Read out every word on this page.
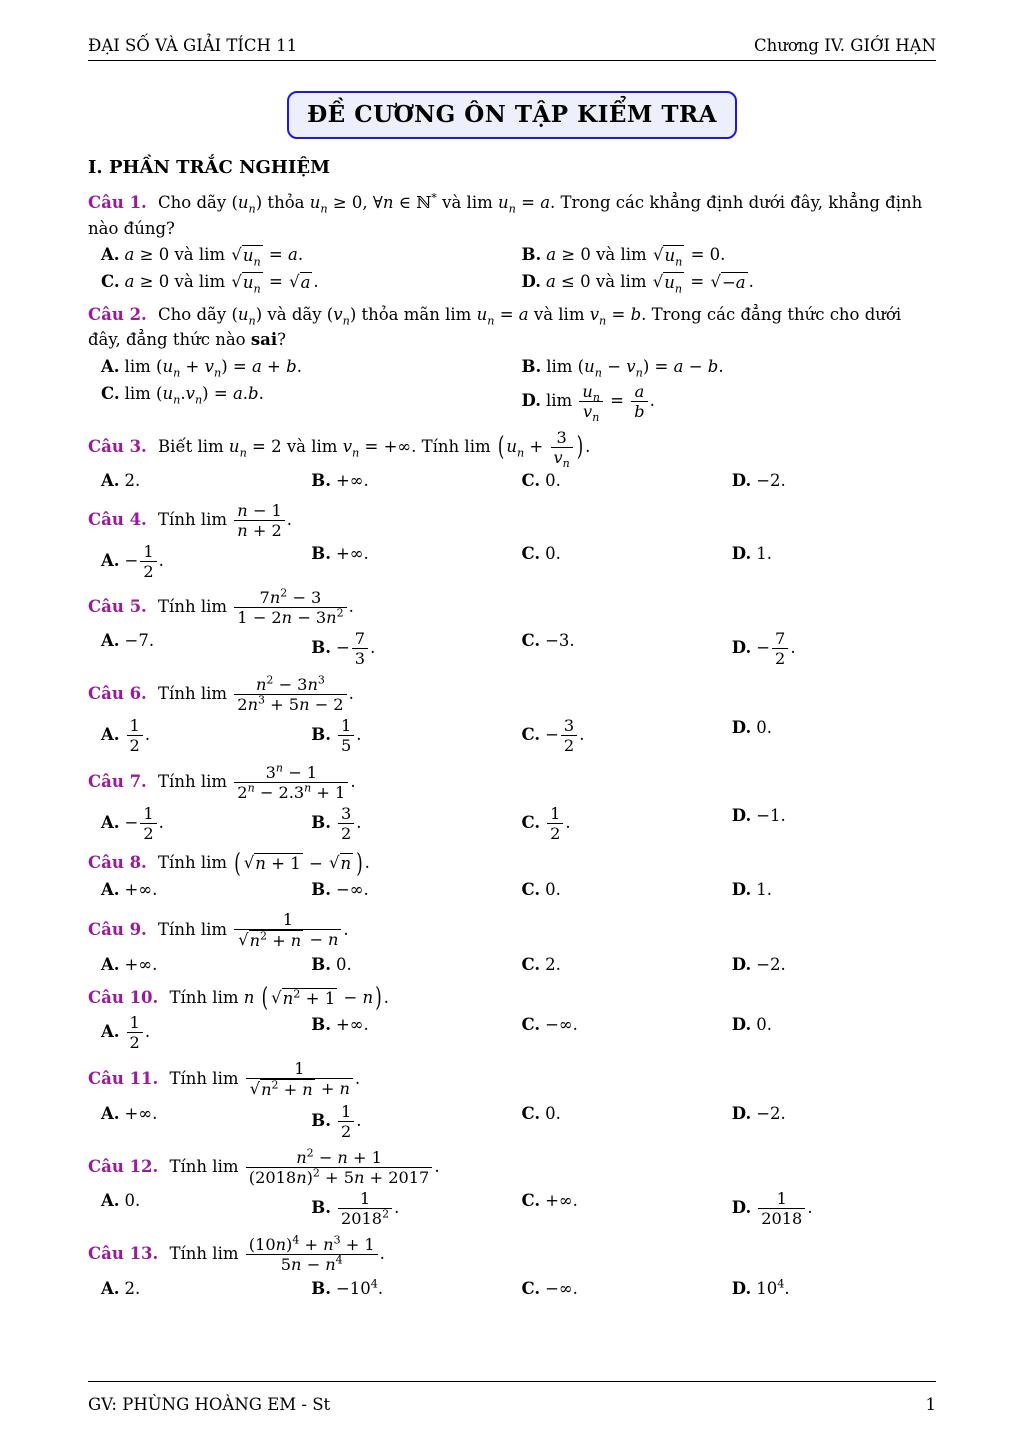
ĐẠI SỐ VÀ GIẢI TÍCH 11	Chương IV. GIỚI HẠN
ĐỀ CƯƠNG ÔN TẬP KIỂM TRA
I. PHẦN TRẮC NGHIỆM

Câu 1. Cho dãy $(u_n)$ thỏa $u_n \ge 0$, ∀n ∈ ℕ* và $\lim u_n = a$. Trong các khẳng định dưới đây, khẳng định nào đúng?

A. a ≥ 0 và lim √ $u_n = a$.	B. a ≥ 0 và lim √ $u_n = 0$.
C. a ≥ 0 và lim √ $u_n$ = √ a .	D. a ≤ 0 và lim √ $u_n$ = √ −a .

Câu 2. Cho dãy $(u_n)$ và dãy $(v_n)$ thỏa mãn $\lim u_n = a$ và $\lim v_n = b$. Trong các đẳng thức cho dưới đây, đẳng thức nào sai?

A. $\lim (u_n + v_n) = a + b$.	B. $\lim (u_n - v_n) = a - b$.
C. $\lim (u_n.v_n) = a.b$.	D. $\lim \frac{u_n}{v_n} = \frac{a}{b}$ .

Câu 3. Biết $\lim u_n = 2$ và $\lim v_n$ = +∞. Tính lim ( $u_n + \frac{3}{v_n}$ ) .

A. 2.	B. +∞.	C. 0.	D. −2.

Câu 4. Tính $\lim \frac{n - 1}{n + 2}$ .

A. − $\frac{1}{2}$ .	B. +∞.	C. 0.	D. 1.

Câu 5. Tính $\lim \frac{7n^2 - 3}{1 - 2n - 3n^2}$ .

A. −7.	B. − $\frac{7}{3}$ .	C. −3.	D. − $\frac{7}{2}$ .

Câu 6. Tính $\lim \frac{n^2 - 3n^3}{2n^3 + 5n - 2}$ .

A. $\frac{1}{2}$ .	B. $\frac{1}{5}$ .	C. − $\frac{3}{2}$ .	D. 0.

Câu 7. Tính $\lim \frac{3^n - 1}{2^n - 2.3^n + 1}$ .

A. − $\frac{1}{2}$ .	B. $\frac{3}{2}$ .	C. $\frac{1}{2}$ .	D. −1.

Câu 8. Tính lim ( √ n + 1 − √ n ) .

A. +∞.	B. −∞.	C. 0.	D. 1.

Câu 9. Tính $\lim \frac{1}{√ n^2 + n - n}$ .

A. +∞.	B. 0.	C. 2.	D. −2.

Câu 10. Tính lim n ( √ $n^2 + 1 - n$ ) .

A. $\frac{1}{2}$ .	B. +∞.	C. −∞.	D. 0.

Câu 11. Tính $\lim \frac{1}{√ n^2 + n + n}$ .

A. +∞.	B. $\frac{1}{2}$ .	C. 0.	D. −2.

Câu 12. Tính $\lim \frac{n^2 - n + 1}{(2018n)^2 + 5n + 2017}$ .

A. 0.	B. $\frac{1}{2018^2}$ .	C. +∞.	D. $\frac{1}{2018}$ .

Câu 13. Tính $\lim \frac{(10n)^4 + n^3 + 1}{5n - n^4}$ .

A. 2.	B. $-10^4$.	C. −∞.	D. $10^4$.
GV: PHÙNG HOÀNG EM - St	1
